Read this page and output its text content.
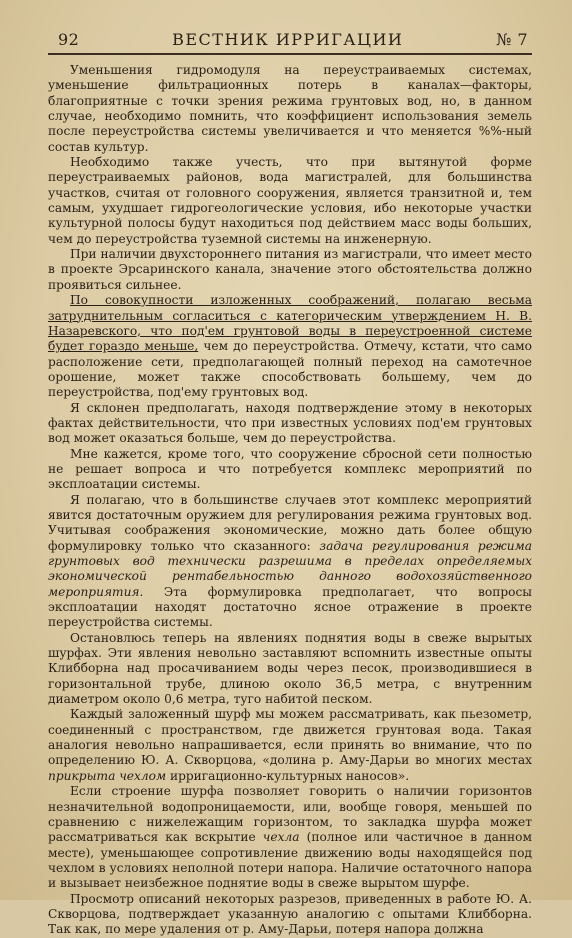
92	ВЕСТНИК ИРРИГАЦИИ	№ 7

Уменьшения гидромодуля на переустраиваемых системах, уменьшение фильтрационных потерь в каналах—факторы, благоприятные с точки зрения режима грунтовых вод, но, в данном случае, необходимо помнить, что коэффициент использования земель после переустройства системы увеличивается и что меняется %%-ный состав культур.

Необходимо также учесть, что при вытянутой форме переустраиваемых районов, вода магистралей, для большинства участков, считая от головного сооружения, является транзитной и, тем самым, ухудшает гидрогеологические условия, ибо некоторые участки культурной полосы будут находиться под действием масс воды больших, чем до переустройства туземной системы на инженерную.

При наличии двухстороннего питания из магистрали, что имеет место в проекте Эрсаринского канала, значение этого обстоятельства должно проявиться сильнее.

По совокупности изложенных соображений, полагаю весьма затруднительным согласиться с категорическим утверждением Н. В. Назаревского, что под'ем грунтовой воды в переустроенной системе будет гораздо меньше, чем до переустройства. Отмечу, кстати, что само расположение сети, предполагающей полный переход на самотечное орошение, может также способствовать большему, чем до переустройства, под'ему грунтовых вод.

Я склонен предполагать, находя подтверждение этому в некоторых фактах действительности, что при известных условиях под'ем грунтовых вод может оказаться больше, чем до переустройства.

Мне кажется, кроме того, что сооружение сбросной сети полностью не решает вопроса и что потребуется комплекс мероприятий по эксплоатации системы.

Я полагаю, что в большинстве случаев этот комплекс мероприятий явится достаточным оружием для регулирования режима грунтовых вод. Учитывая соображения экономические, можно дать более общую формулировку только что сказанного: задача регулирования режима грунтовых вод технически разрешима в пределах определяемых экономической рентабельностью данного водохозяйственного мероприятия. Эта формулировка предполагает, что вопросы эксплоатации находят достаточно ясное отражение в проекте переустройства системы.

Остановлюсь теперь на явлениях поднятия воды в свеже вырытых шурфах. Эти явления невольно заставляют вспомнить известные опыты Клибборна над просачиванием воды через песок, производившиеся в горизонтальной трубе, длиною около 36,5 метра, с внутренним диаметром около 0,6 метра, туго набитой песком.

Каждый заложенный шурф мы можем рассматривать, как пьезометр, соединенный с пространством, где движется грунтовая вода. Такая аналогия невольно напрашивается, если принять во внимание, что по определению Ю. А. Скворцова, «долина р. Аму-Дарьи во многих местах прикрыта чехлом ирригационно-культурных наносов».

Если строение шурфа позволяет говорить о наличии горизонтов незначительной водопроницаемости, или, вообще говоря, меньшей по сравнению с нижележащим горизонтом, то закладка шурфа может рассматриваться как вскрытие чехла (полное или частичное в данном месте), уменьшающее сопротивление движению воды находящейся под чехлом в условиях неполной потери напора. Наличие остаточного напора и вызывает неизбежное поднятие воды в свеже вырытом шурфе.

Просмотр описаний некоторых разрезов, приведенных в работе Ю. А. Скворцова, подтверждает указанную аналогию с опытами Клибборна. Так как, по мере удаления от р. Аму-Дарьи, потеря напора должна
